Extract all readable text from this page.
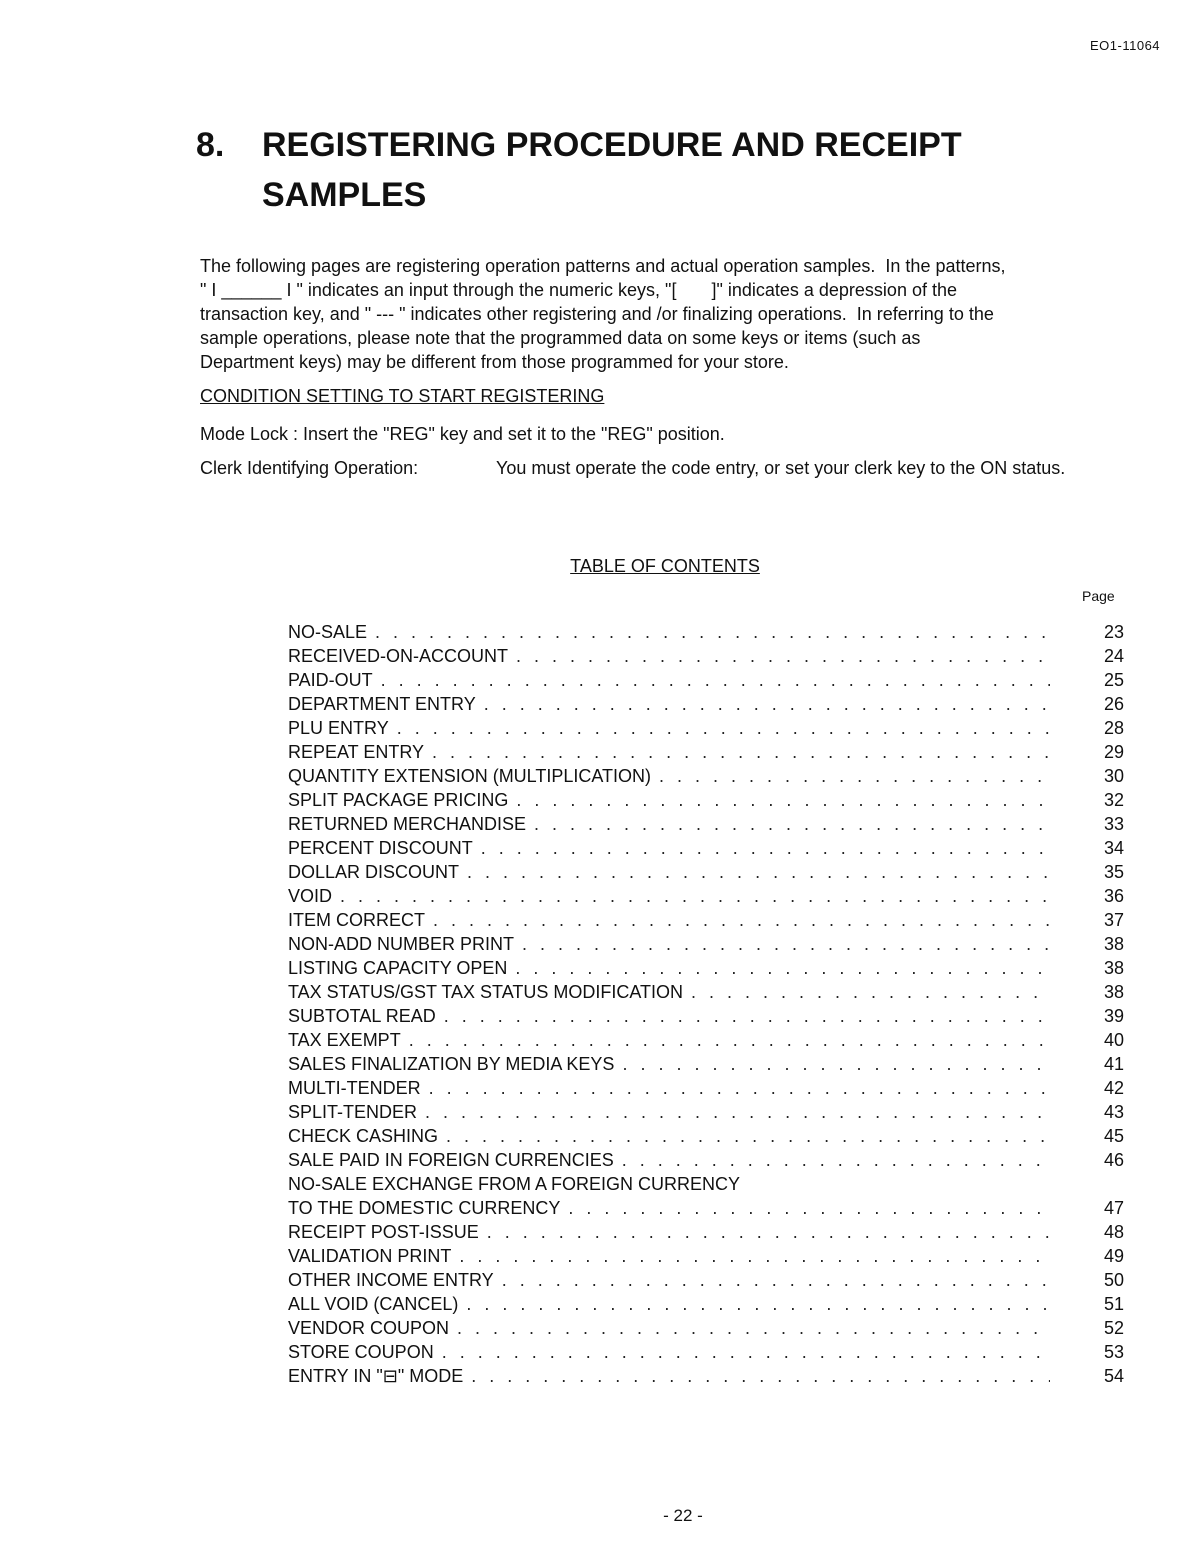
EO1-11064
8. REGISTERING PROCEDURE AND RECEIPT
SAMPLES
The following pages are registering operation patterns and actual operation samples.  In the patterns,
" I ______ I " indicates an input through the numeric keys, "[       ]" indicates a depression of the
transaction key, and " --- " indicates other registering and /or finalizing operations.  In referring to the
sample operations, please note that the programmed data on some keys or items (such as
Department keys) may be different from those programmed for your store.
CONDITION SETTING TO START REGISTERING
Mode Lock : Insert the "REG" key and set it to the "REG" position.
Clerk Identifying Operation:	You must operate the code entry, or set your clerk key to the ON status.
TABLE OF CONTENTS
Page
NO-SALE . . .	23
RECEIVED-ON-ACCOUNT . . .	24
PAID-OUT . . .	25
DEPARTMENT ENTRY . . .	26
PLU ENTRY . . .	28
REPEAT ENTRY . . .	29
QUANTITY EXTENSION (MULTIPLICATION) . . .	30
SPLIT PACKAGE PRICING . . .	32
RETURNED MERCHANDISE . . .	33
PERCENT DISCOUNT . . .	34
DOLLAR DISCOUNT . . .	35
VOID . . .	36
ITEM CORRECT . . .	37
NON-ADD NUMBER PRINT . . .	38
LISTING CAPACITY OPEN . . .	38
TAX STATUS/GST TAX STATUS MODIFICATION . . .	38
SUBTOTAL READ . . .	39
TAX EXEMPT . . .	40
SALES FINALIZATION BY MEDIA KEYS . . .	41
MULTI-TENDER . . .	42
SPLIT-TENDER . . .	43
CHECK CASHING . . .	45
SALE PAID IN FOREIGN CURRENCIES . . .	46
NO-SALE EXCHANGE FROM A FOREIGN CURRENCY
TO THE DOMESTIC CURRENCY . . .	47
RECEIPT POST-ISSUE . . .	48
VALIDATION PRINT . . .	49
OTHER INCOME ENTRY . . .	50
ALL VOID (CANCEL) . . .	51
VENDOR COUPON . . .	52
STORE COUPON . . .	53
ENTRY IN "⊟" MODE . . .	54
- 22 -
